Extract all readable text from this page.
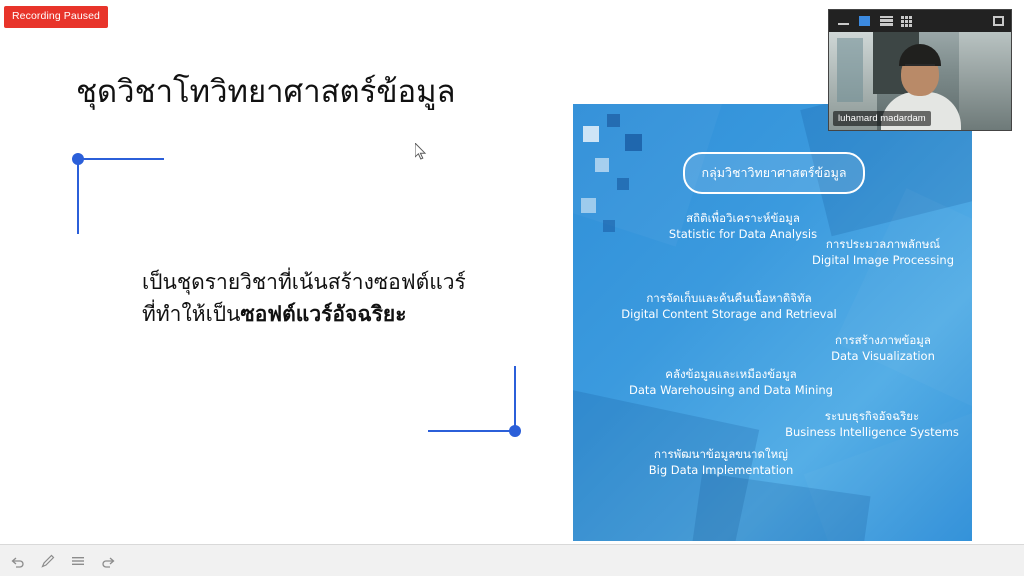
Recording Paused
ชุดวิชาโทวิทยาศาสตร์ข้อมูล
เป็นชุดรายวิชาที่เน้นสร้างซอฟต์แวร์
ที่ทำให้เป็นซอฟต์แวร์อัจฉริยะ
กลุ่มวิชาวิทยาศาสตร์ข้อมูล
สถิติเพื่อวิเคราะห์ข้อมูล
Statistic for Data Analysis
การประมวลภาพลักษณ์
Digital Image Processing
การจัดเก็บและค้นคืนเนื้อหาดิจิทัล
Digital Content Storage and Retrieval
การสร้างภาพข้อมูล
Data Visualization
คลังข้อมูลและเหมืองข้อมูล
Data Warehousing and Data Mining
ระบบธุรกิจอัจฉริยะ
Business Intelligence Systems
การพัฒนาข้อมูลขนาดใหญ่
Big Data Implementation
luhamard madardam
